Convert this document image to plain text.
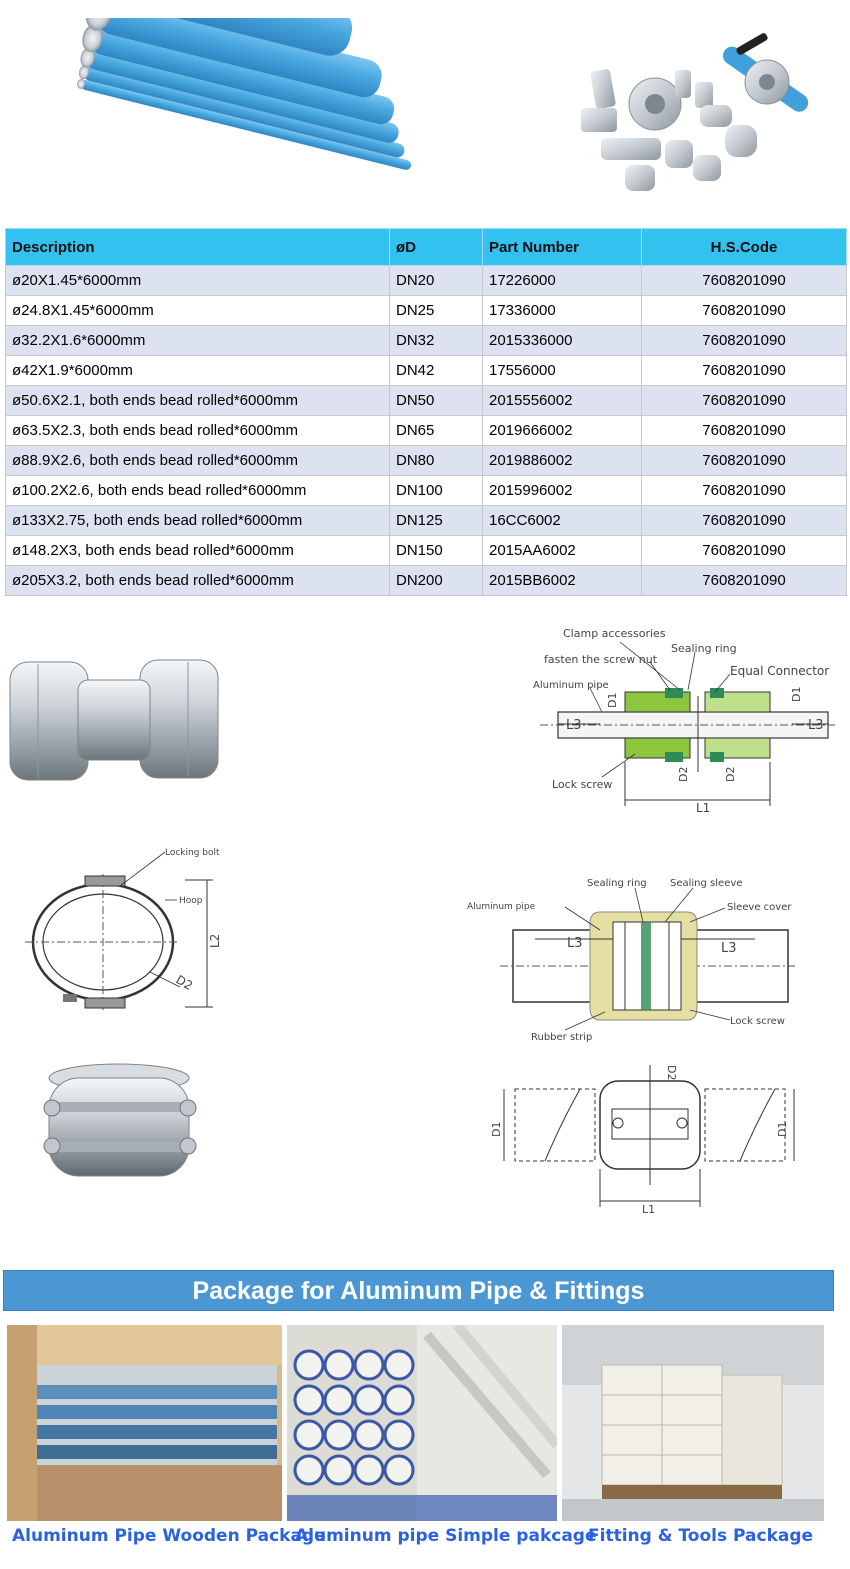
Description	øD	Part Number	H.S.Code
ø20X1.45*6000mm	DN20	17226000	7608201090
ø24.8X1.45*6000mm	DN25	17336000	7608201090
ø32.2X1.6*6000mm	DN32	2015336000	7608201090
ø42X1.9*6000mm	DN42	17556000	7608201090
ø50.6X2.1, both ends bead rolled*6000mm	DN50	2015556002	7608201090
ø63.5X2.3, both ends bead rolled*6000mm	DN65	2019666002	7608201090
ø88.9X2.6, both ends bead rolled*6000mm	DN80	2019886002	7608201090
ø100.2X2.6, both ends bead rolled*6000mm	DN100	2015996002	7608201090
ø133X2.75, both ends bead rolled*6000mm	DN125	16CC6002	7608201090
ø148.2X3, both ends bead rolled*6000mm	DN150	2015AA6002	7608201090
ø205X3.2, both ends bead rolled*6000mm	DN200	2015BB6002	7608201090
Clamp accessories
fasten the screw nut
Sealing ring
Equal Connector
Aluminum pipe
Lock screw
L1
L3	L3
D1	D1
D2	D2
Locking bolt
Hoop
L2
D2
Sealing ring Sealing sleeve
Sleeve cover
Aluminum pipe
L3	L3
Lock screw
Rubber strip
D1	D1
D2
L1
Package for Aluminum Pipe & Fittings
Aluminum Pipe Wooden Package
Aluminum pipe Simple pakcage
Fitting & Tools Package
